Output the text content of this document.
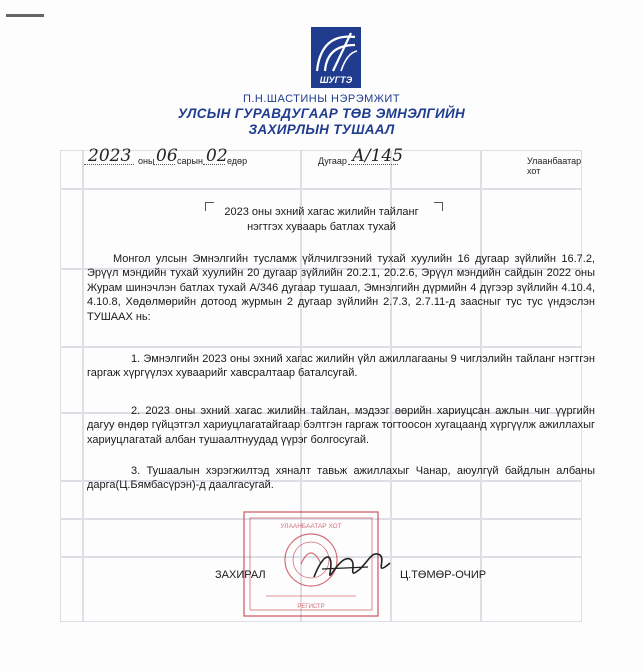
ШУГТЭ
П.Н.ШАСТИНЫ НЭРЭМЖИТ
УЛСЫН ГУРАВДУГААР ТӨВ ЭМНЭЛГИЙН
ЗАХИРЛЫН ТУШААЛ
2023 оны 06 сарын 02 едөр	Дугаар А/145	Улаанбаатар хот
2023 оны эхний хагас жилийн тайланг
нэгтгэх хуваарь батлах тухай
Монгол улсын Эмнэлгийн тусламж үйлчилгээний тухай хуулийн 16 дугаар зүйлийн 16.7.2, Эрүүл мэндийн тухай хуулийн 20 дугаар зүйлийн 20.2.1, 20.2.6, Эрүүл мэндийн сайдын 2022 оны Журам шинэчлэн батлах тухай А/346 дугаар тушаал, Эмнэлгийн дүрмийн 4 дүгээр зүйлийн 4.10.4, 4.10.8, Хөдөлмөрийн дотоод журмын 2 дугаар зүйлийн 2.7.3, 2.7.11-д заасныг тус тус үндэслэн ТУШААХ нь:
1. Эмнэлгийн 2023 оны эхний хагас жилийн үйл ажиллагааны 9 чиглэлийн тайланг нэгтгэн гаргаж хүргүүлэх хуваарийг хавсралтаар баталсугай.
2. 2023 оны эхний хагас жилийн тайлан, мэдээг өөрийн хариуцсан ажлын чиг үүргийн дагуу өндөр гүйцэтгэл хариуцлагатайгаар бэлтгэн гаргаж тогтоосон хугацаанд хүргүүлж ажиллахыг хариуцлагатай албан тушаалтнуудад үүрэг болгосугай.
3. Тушаалын хэрэгжилтэд хяналт тавьж ажиллахыг Чанар, аюулгүй байдлын албаны дарга(Ц.Бямбасүрэн)-д даалгасугай.
УЛААНБААТАР ХОТ
РЕГИСТР
ЗАХИРАЛ	Ц.ТӨМӨР-ОЧИР
